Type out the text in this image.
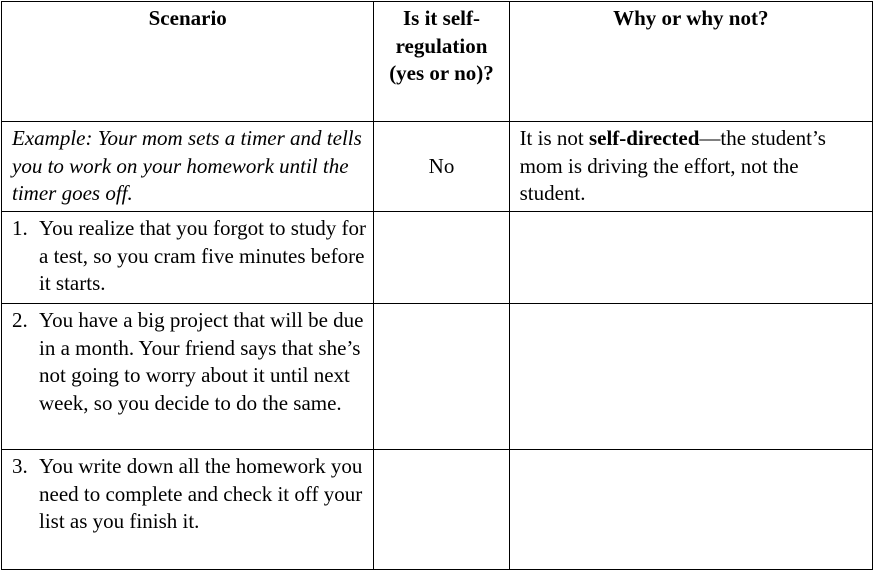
Scenario	Is it self-regulation (yes or no)?	Why or why not?
Example: Your mom sets a timer and tells you to work on your homework until the timer goes off.	No	It is not self-directed—the student’s mom is driving the effort, not the student.

1. You realize that you forgot to study for a test, so you cram five minutes before it starts.		

2. You have a big project that will be due in a month. Your friend says that she’s not going to worry about it until next week, so you decide to do the same.		

3. You write down all the homework you need to complete and check it off your list as you finish it.		
